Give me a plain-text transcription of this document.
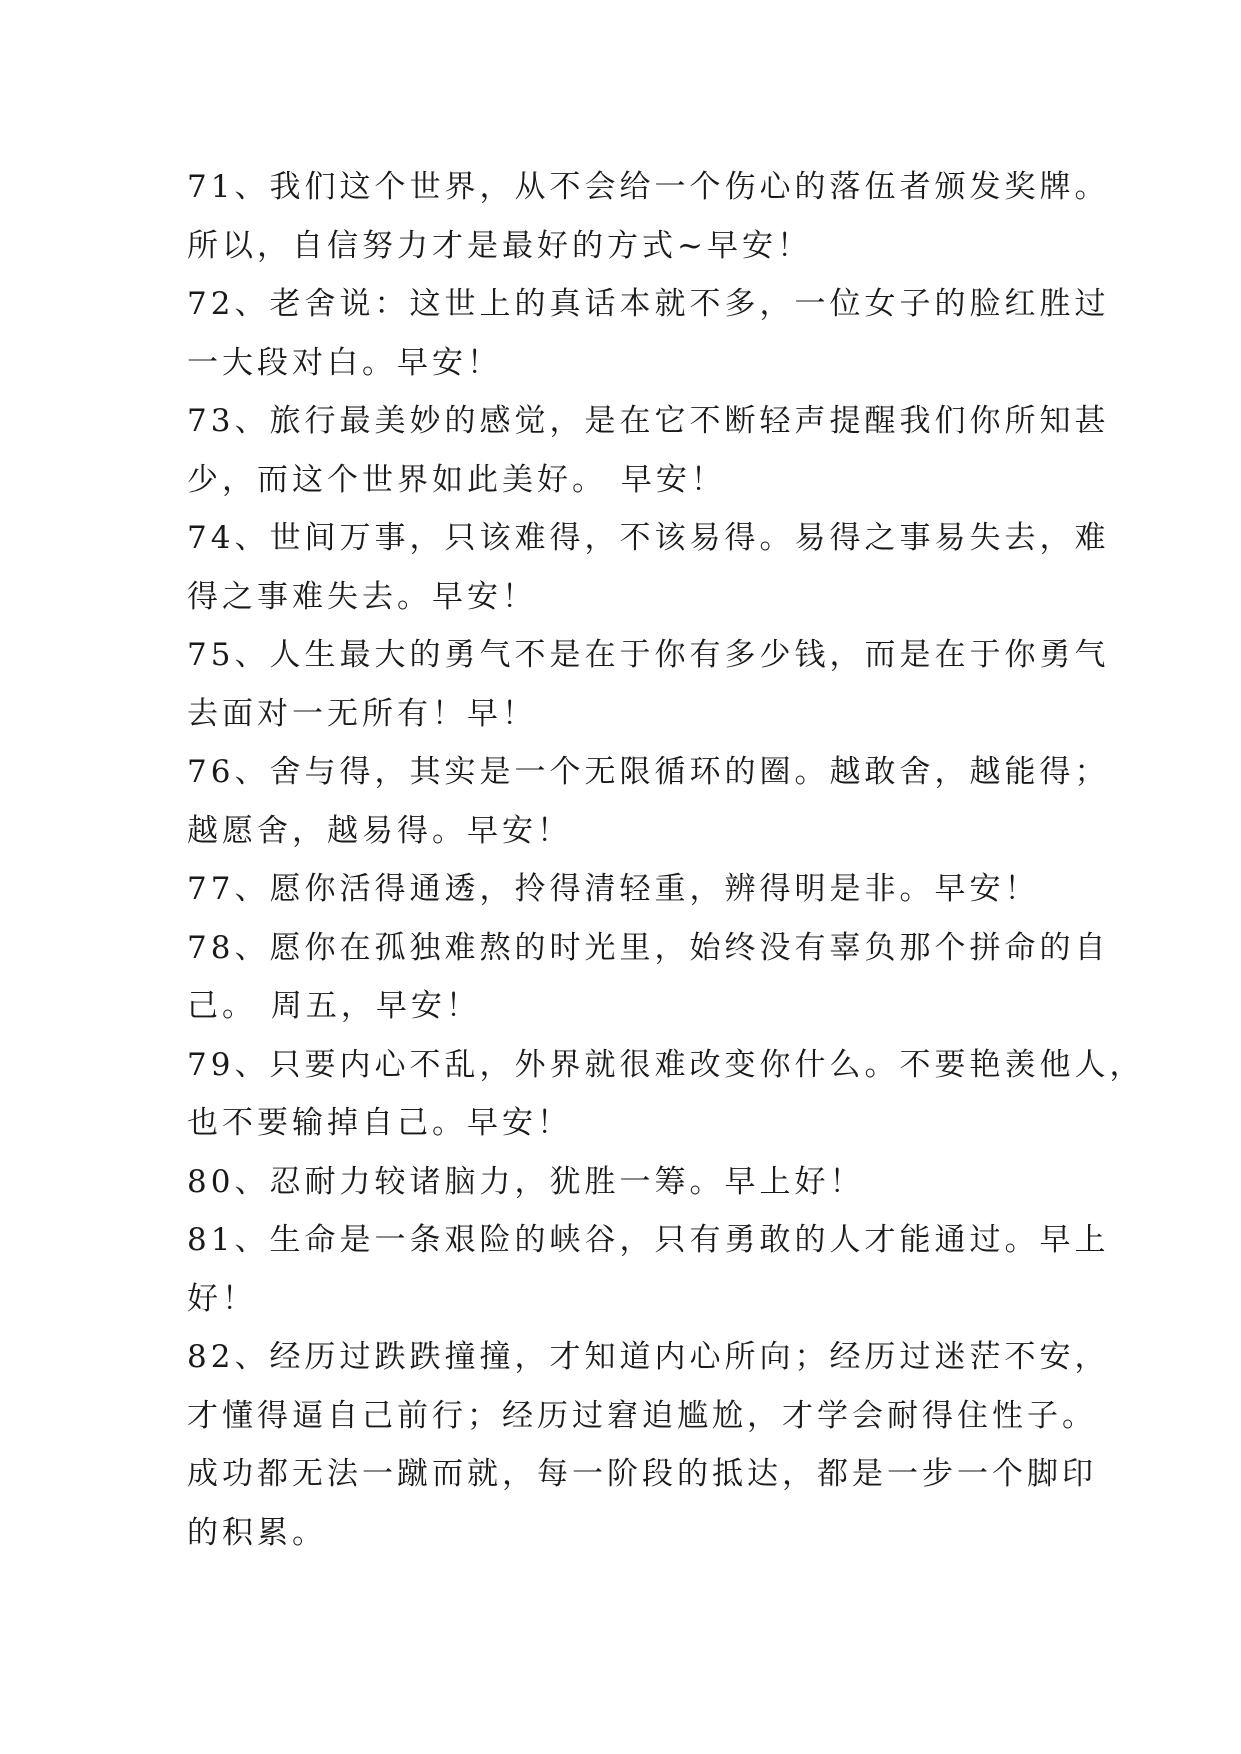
71、我们这个世界，从不会给一个伤心的落伍者颁发奖牌。
所以，自信努力才是最好的方式~早安！
72、老舍说：这世上的真话本就不多，一位女子的脸红胜过
一大段对白。早安！
73、旅行最美妙的感觉，是在它不断轻声提醒我们你所知甚
少，而这个世界如此美好。 早安！
74、世间万事，只该难得，不该易得。易得之事易失去，难
得之事难失去。早安！
75、人生最大的勇气不是在于你有多少钱，而是在于你勇气
去面对一无所有！早！
76、舍与得，其实是一个无限循环的圈。越敢舍，越能得；
越愿舍，越易得。早安！
77、愿你活得通透，拎得清轻重，辨得明是非。早安！
78、愿你在孤独难熬的时光里，始终没有辜负那个拼命的自
己。 周五，早安！
79、只要内心不乱，外界就很难改变你什么。不要艳羡他人，
也不要输掉自己。早安！
80、忍耐力较诸脑力，犹胜一筹。早上好！
81、生命是一条艰险的峡谷，只有勇敢的人才能通过。早上
好！
82、经历过跌跌撞撞，才知道内心所向；经历过迷茫不安，
才懂得逼自己前行；经历过窘迫尴尬，才学会耐得住性子。
成功都无法一蹴而就，每一阶段的抵达，都是一步一个脚印
的积累。
